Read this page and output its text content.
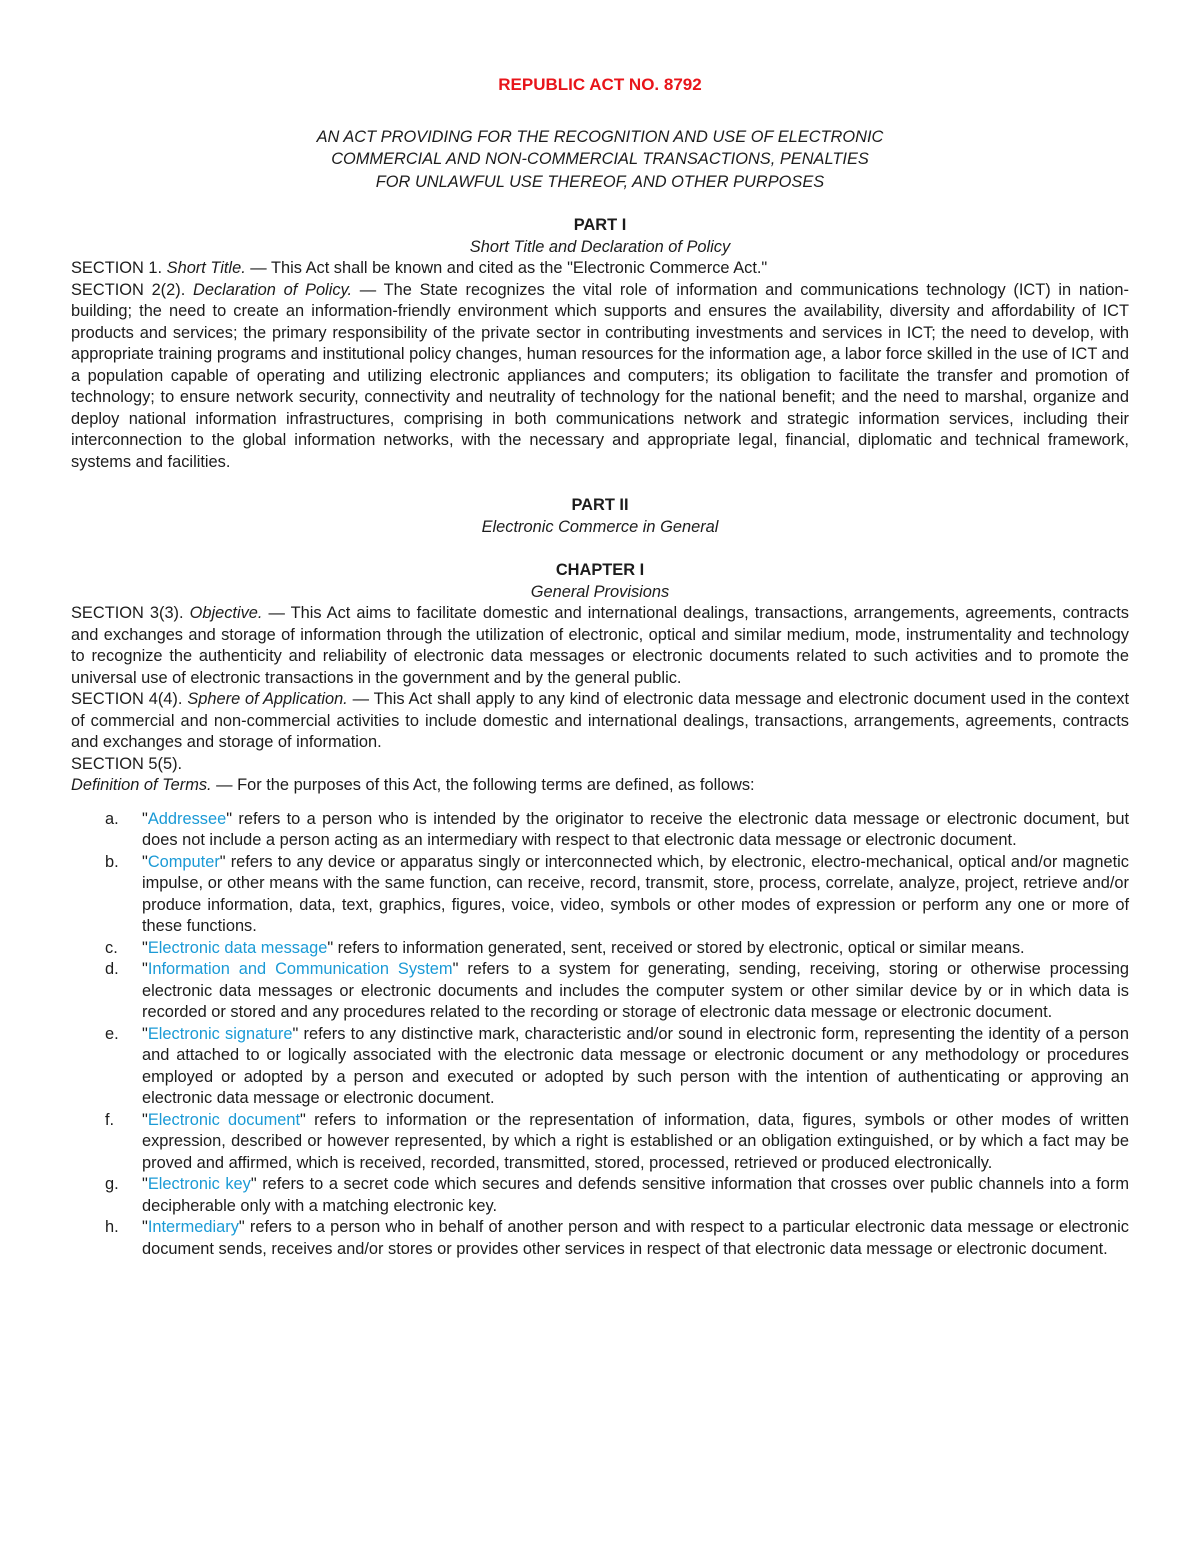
REPUBLIC ACT NO. 8792
AN ACT PROVIDING FOR THE RECOGNITION AND USE OF ELECTRONIC
COMMERCIAL AND NON-COMMERCIAL TRANSACTIONS, PENALTIES
FOR UNLAWFUL USE THEREOF, AND OTHER PURPOSES
PART I
Short Title and Declaration of Policy

SECTION 1. Short Title. — This Act shall be known and cited as the "Electronic Commerce Act."

SECTION 2(2). Declaration of Policy. — The State recognizes the vital role of information and communications technology (ICT) in nation-building; the need to create an information-friendly environment which supports and ensures the availability, diversity and affordability of ICT products and services; the primary responsibility of the private sector in contributing investments and services in ICT; the need to develop, with appropriate training programs and institutional policy changes, human resources for the information age, a labor force skilled in the use of ICT and a population capable of operating and utilizing electronic appliances and computers; its obligation to facilitate the transfer and promotion of technology; to ensure network security, connectivity and neutrality of technology for the national benefit; and the need to marshal, organize and deploy national information infrastructures, comprising in both communications network and strategic information services, including their interconnection to the global information networks, with the necessary and appropriate legal, financial, diplomatic and technical framework, systems and facilities.

PART II
Electronic Commerce in General
CHAPTER I
General Provisions

SECTION 3(3). Objective. — This Act aims to facilitate domestic and international dealings, transactions, arrangements, agreements, contracts and exchanges and storage of information through the utilization of electronic, optical and similar medium, mode, instrumentality and technology to recognize the authenticity and reliability of electronic data messages or electronic documents related to such activities and to promote the universal use of electronic transactions in the government and by the general public.

SECTION 4(4). Sphere of Application. — This Act shall apply to any kind of electronic data message and electronic document used in the context of commercial and non-commercial activities to include domestic and international dealings, transactions, arrangements, agreements, contracts and exchanges and storage of information.

SECTION 5(5).

Definition of Terms. — For the purposes of this Act, the following terms are defined, as follows:

a. "Addressee" refers to a person who is intended by the originator to receive the electronic data message or electronic document, but does not include a person acting as an intermediary with respect to that electronic data message or electronic document.
b. "Computer" refers to any device or apparatus singly or interconnected which, by electronic, electro-mechanical, optical and/or magnetic impulse, or other means with the same function, can receive, record, transmit, store, process, correlate, analyze, project, retrieve and/or produce information, data, text, graphics, figures, voice, video, symbols or other modes of expression or perform any one or more of these functions.
c. "Electronic data message" refers to information generated, sent, received or stored by electronic, optical or similar means.
d. "Information and Communication System" refers to a system for generating, sending, receiving, storing or otherwise processing electronic data messages or electronic documents and includes the computer system or other similar device by or in which data is recorded or stored and any procedures related to the recording or storage of electronic data message or electronic document.
e. "Electronic signature" refers to any distinctive mark, characteristic and/or sound in electronic form, representing the identity of a person and attached to or logically associated with the electronic data message or electronic document or any methodology or procedures employed or adopted by a person and executed or adopted by such person with the intention of authenticating or approving an electronic data message or electronic document.
f. "Electronic document" refers to information or the representation of information, data, figures, symbols or other modes of written expression, described or however represented, by which a right is established or an obligation extinguished, or by which a fact may be proved and affirmed, which is received, recorded, transmitted, stored, processed, retrieved or produced electronically.
g. "Electronic key" refers to a secret code which secures and defends sensitive information that crosses over public channels into a form decipherable only with a matching electronic key.
h. "Intermediary" refers to a person who in behalf of another person and with respect to a particular electronic data message or electronic document sends, receives and/or stores or provides other services in respect of that electronic data message or electronic document.
